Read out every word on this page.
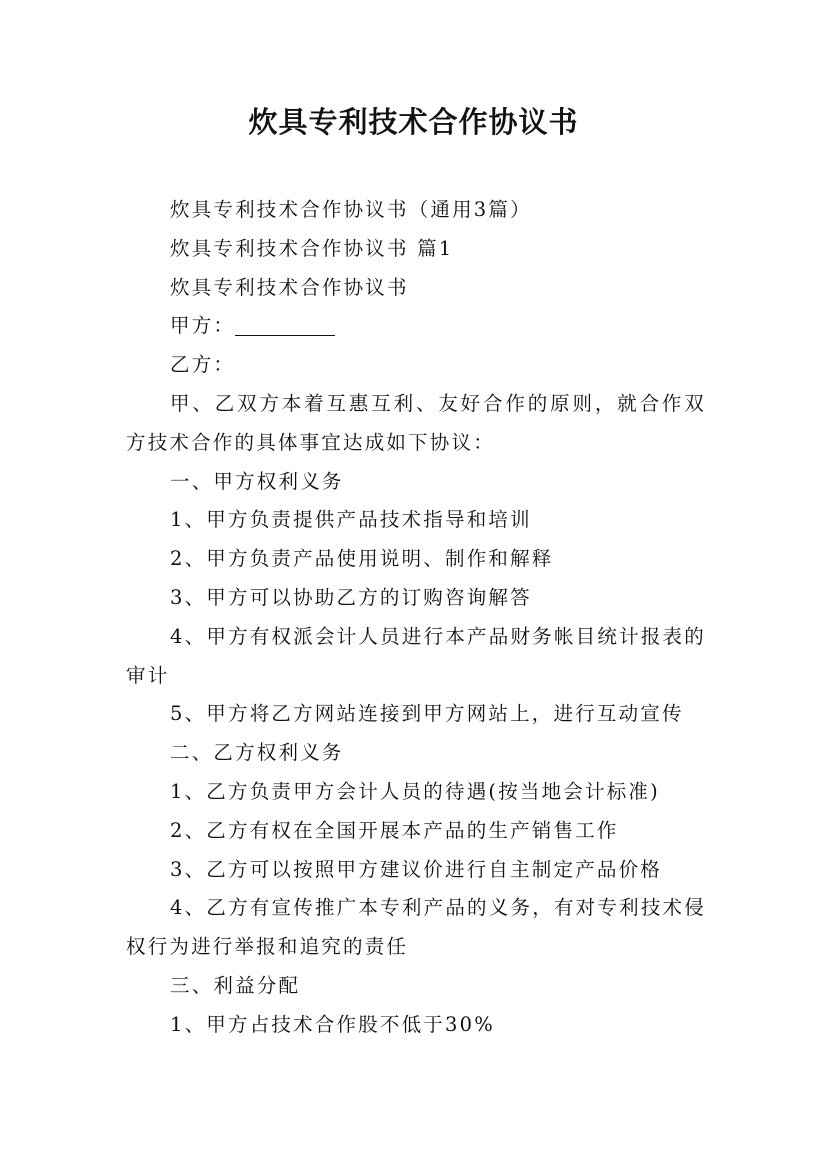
炊具专利技术合作协议书

炊具专利技术合作协议书（通用3篇）

炊具专利技术合作协议书 篇1

炊具专利技术合作协议书

甲方：

乙方：

甲、乙双方本着互惠互利、友好合作的原则，就合作双方技术合作的具体事宜达成如下协议：

一、甲方权利义务

1、甲方负责提供产品技术指导和培训

2、甲方负责产品使用说明、制作和解释

3、甲方可以协助乙方的订购咨询解答

4、甲方有权派会计人员进行本产品财务帐目统计报表的审计

5、甲方将乙方网站连接到甲方网站上，进行互动宣传

二、乙方权利义务

1、乙方负责甲方会计人员的待遇(按当地会计标准)

2、乙方有权在全国开展本产品的生产销售工作

3、乙方可以按照甲方建议价进行自主制定产品价格

4、乙方有宣传推广本专利产品的义务，有对专利技术侵权行为进行举报和追究的责任

三、利益分配

1、甲方占技术合作股不低于30%
